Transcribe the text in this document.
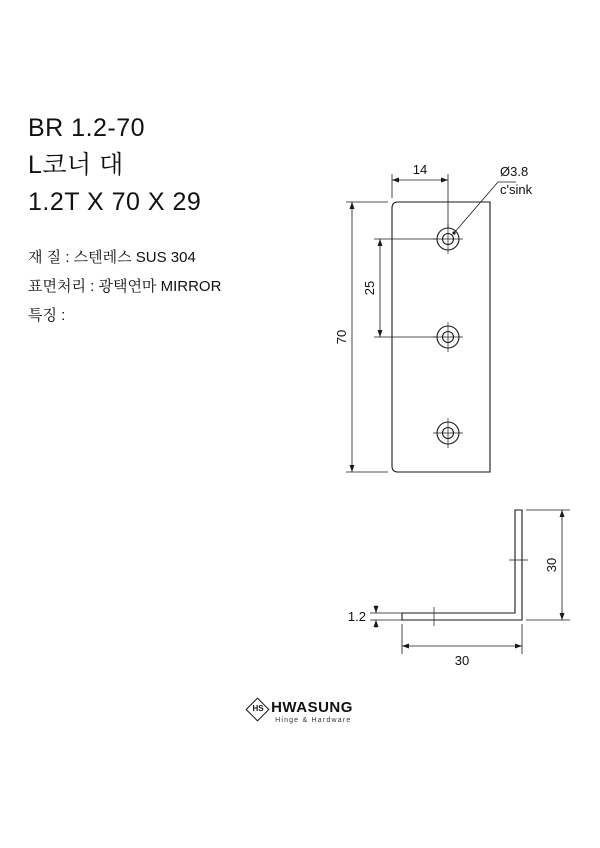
BR 1.2-70
L코너 대
1.2T X 70 X 29
재 질 : 스텐레스 SUS 304
표면처리 : 광택연마 MIRROR
특징 :
14
25
70
Ø3.8
c'sink
30
30
1.2
HS HWASUNG
Hinge & Hardware
